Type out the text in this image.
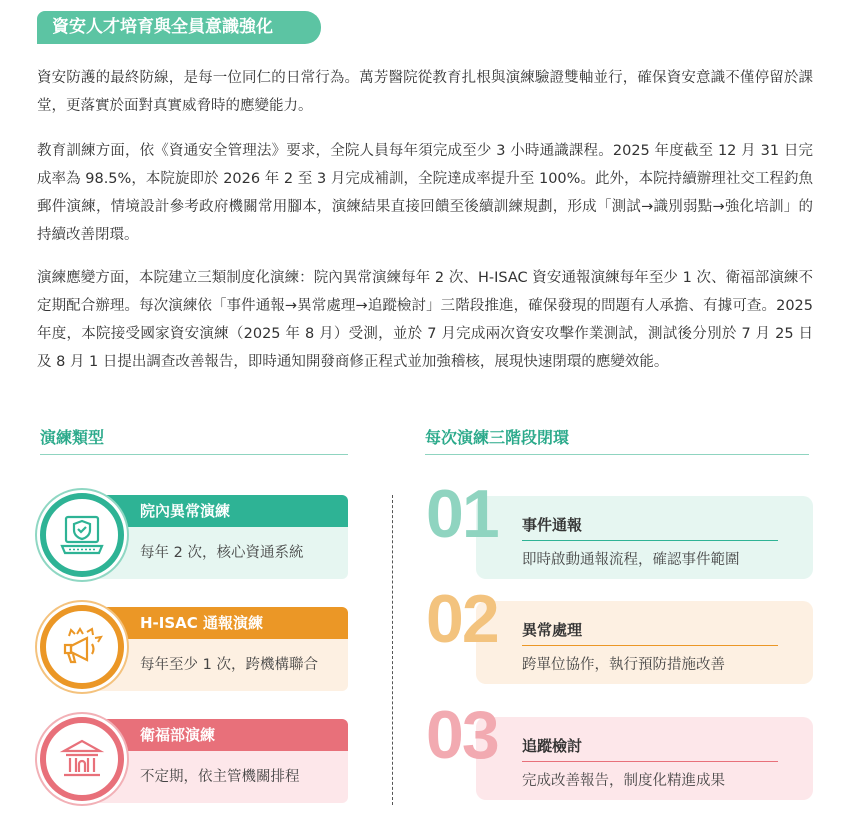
資安人才培育與全員意識強化

資安防護的最終防線，是每一位同仁的日常行為。萬芳醫院從教育扎根與演練驗證雙軸並行，確保資安意識不僅停留於課堂，更落實於面對真實威脅時的應變能力。

教育訓練方面，依《資通安全管理法》要求，全院人員每年須完成至少 3 小時通識課程。2025 年度截至 12 月 31 日完成率為 98.5%，本院旋即於 2026 年 2 至 3 月完成補訓，全院達成率提升至 100%。此外，本院持續辦理社交工程釣魚郵件演練，情境設計參考政府機關常用腳本，演練結果直接回饋至後續訓練規劃，形成「測試→識別弱點→強化培訓」的持續改善閉環。

演練應變方面，本院建立三類制度化演練：院內異常演練每年 2 次、H-ISAC 資安通報演練每年至少 1 次、衛福部演練不定期配合辦理。每次演練依「事件通報→異常處理→追蹤檢討」三階段推進，確保發現的問題有人承擔、有據可查。2025 年度，本院接受國家資安演練（2025 年 8 月）受測，並於 7 月完成兩次資安攻擊作業測試，測試後分別於 7 月 25 日及 8 月 1 日提出調查改善報告，即時通知開發商修正程式並加強稽核，展現快速閉環的應變效能。

演練類型	每次演練三階段閉環
院內異常演練
每年 2 次，核心資通系統
H-ISAC 通報演練
每年至少 1 次，跨機構聯合
衛福部演練
不定期，依主管機關排程
事件通報
即時啟動通報流程，確認事件範圍
01
異常處理
跨單位協作，執行預防措施改善
02
追蹤檢討
完成改善報告，制度化精進成果
03
